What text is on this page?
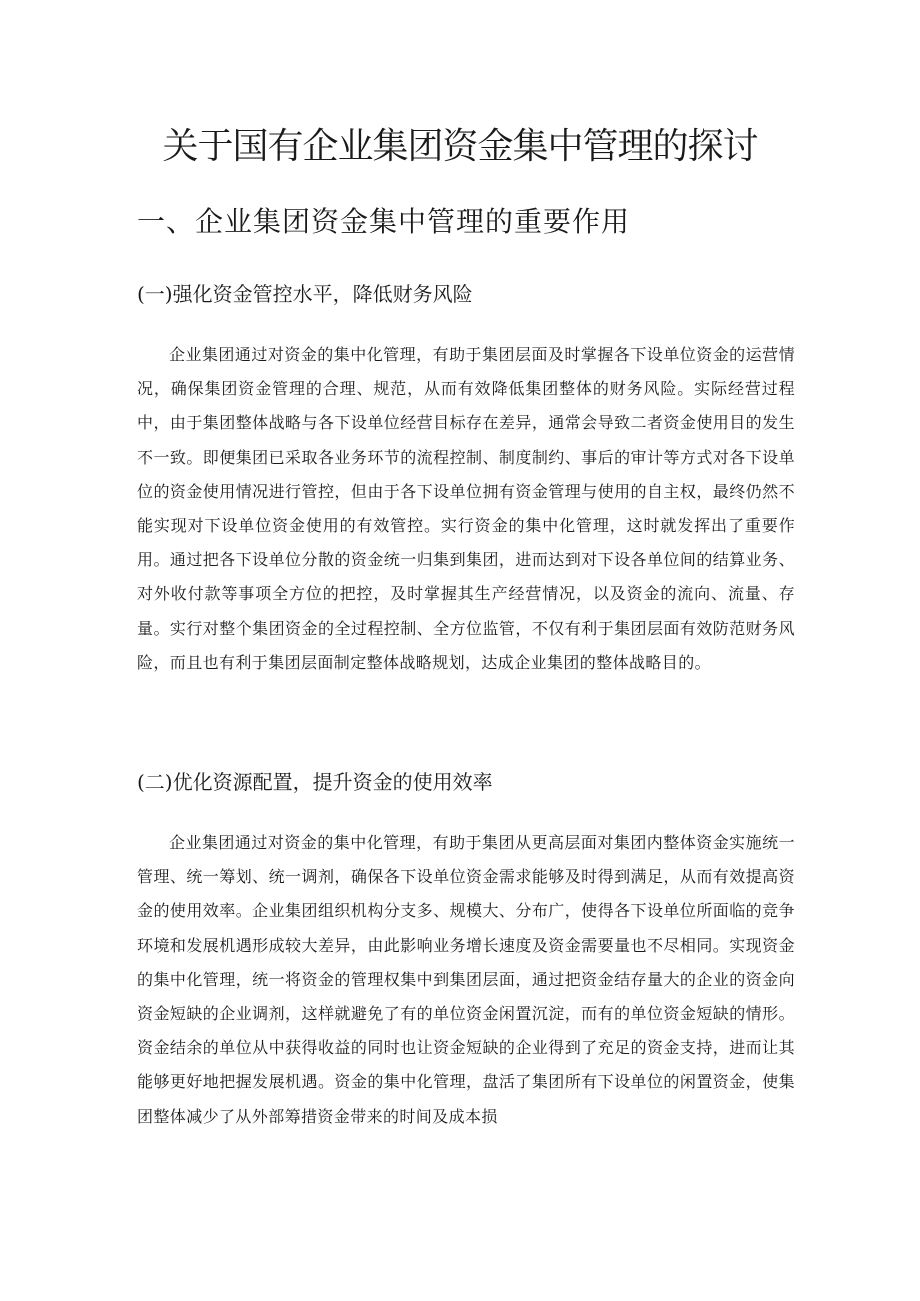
关于国有企业集团资金集中管理的探讨
一、企业集团资金集中管理的重要作用
(一)强化资金管控水平，降低财务风险

企业集团通过对资金的集中化管理，有助于集团层面及时掌握各下设单位资金的运营情况，确保集团资金管理的合理、规范，从而有效降低集团整体的财务风险。实际经营过程中，由于集团整体战略与各下设单位经营目标存在差异，通常会导致二者资金使用目的发生不一致。即便集团已采取各业务环节的流程控制、制度制约、事后的审计等方式对各下设单位的资金使用情况进行管控，但由于各下设单位拥有资金管理与使用的自主权，最终仍然不能实现对下设单位资金使用的有效管控。实行资金的集中化管理，这时就发挥出了重要作用。通过把各下设单位分散的资金统一归集到集团，进而达到对下设各单位间的结算业务、对外收付款等事项全方位的把控，及时掌握其生产经营情况，以及资金的流向、流量、存量。实行对整个集团资金的全过程控制、全方位监管，不仅有利于集团层面有效防范财务风险，而且也有利于集团层面制定整体战略规划，达成企业集团的整体战略目的。

(二)优化资源配置，提升资金的使用效率

企业集团通过对资金的集中化管理，有助于集团从更高层面对集团内整体资金实施统一管理、统一筹划、统一调剂，确保各下设单位资金需求能够及时得到满足，从而有效提高资金的使用效率。企业集团组织机构分支多、规模大、分布广，使得各下设单位所面临的竞争环境和发展机遇形成较大差异，由此影响业务增长速度及资金需要量也不尽相同。实现资金的集中化管理，统一将资金的管理权集中到集团层面，通过把资金结存量大的企业的资金向资金短缺的企业调剂，这样就避免了有的单位资金闲置沉淀，而有的单位资金短缺的情形。资金结余的单位从中获得收益的同时也让资金短缺的企业得到了充足的资金支持，进而让其能够更好地把握发展机遇。资金的集中化管理，盘活了集团所有下设单位的闲置资金，使集团整体减少了从外部筹措资金带来的时间及成本损
